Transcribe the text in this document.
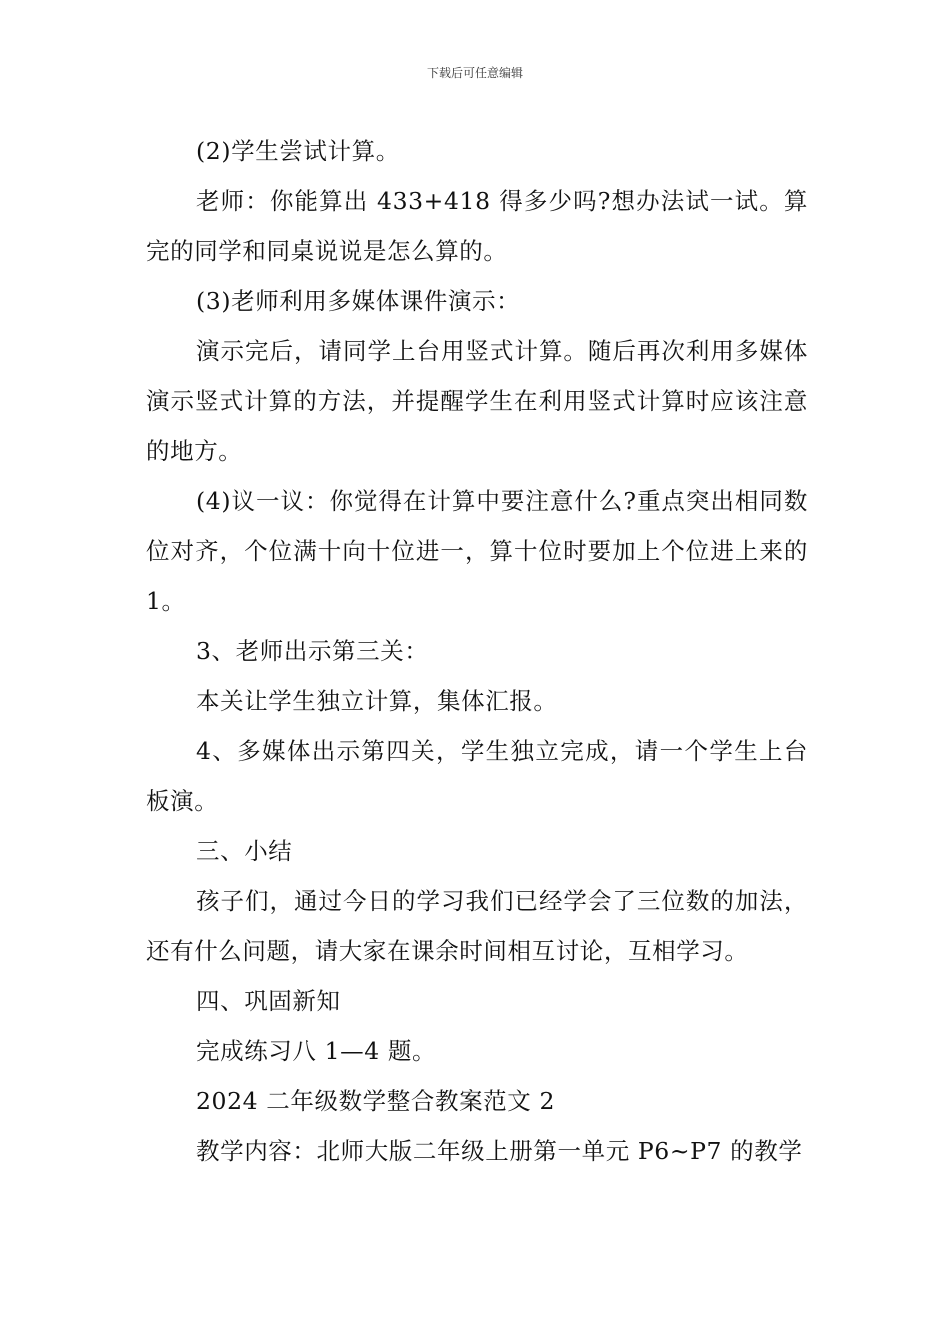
下载后可任意编辑

(2)学生尝试计算。

老师：你能算出 433+418 得多少吗?想办法试一试。算完的同学和同桌说说是怎么算的。

(3)老师利用多媒体课件演示：

演示完后，请同学上台用竖式计算。随后再次利用多媒体演示竖式计算的方法，并提醒学生在利用竖式计算时应该注意的地方。

(4)议一议：你觉得在计算中要注意什么?重点突出相同数位对齐，个位满十向十位进一，算十位时要加上个位进上来的 1。

3、老师出示第三关：

本关让学生独立计算，集体汇报。

4、多媒体出示第四关，学生独立完成，请一个学生上台板演。

三、小结

孩子们，通过今日的学习我们已经学会了三位数的加法，还有什么问题，请大家在课余时间相互讨论，互相学习。

四、巩固新知

完成练习八 1—4 题。

2024 二年级数学整合教案范文 2

教学内容：北师大版二年级上册第一单元 P6~P7 的教学
